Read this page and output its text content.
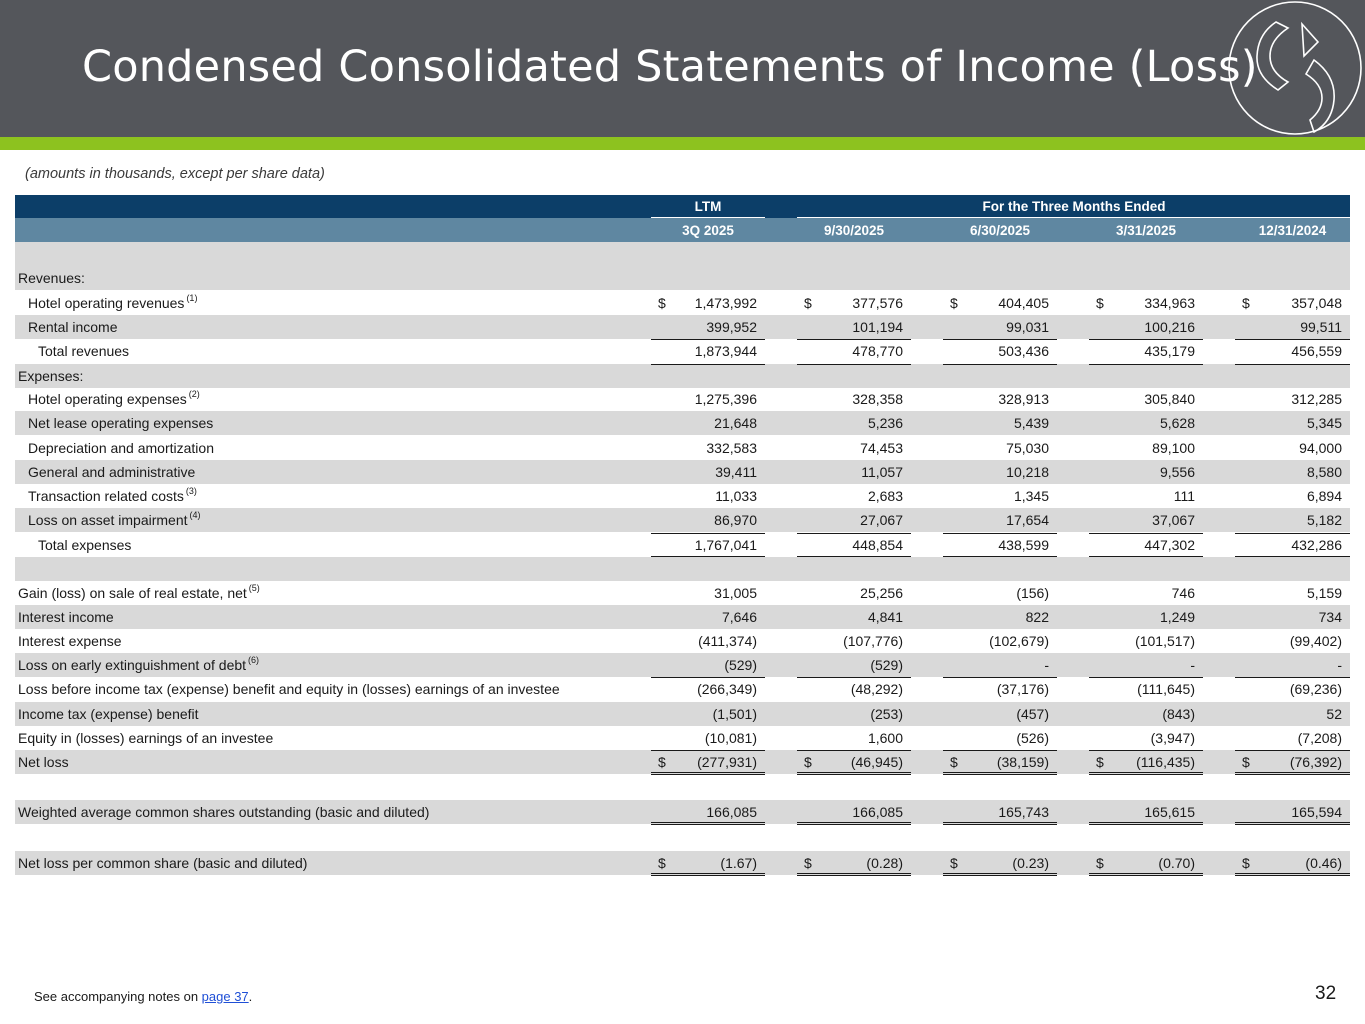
Condensed Consolidated Statements of Income (Loss)
(amounts in thousands, except per share data)
LTM	For the Three Months Ended
3Q 2025	9/30/2025	6/30/2025	3/31/2025	12/31/2024
Revenues:
Hotel operating revenues $^{(1)}$	$	1,473,992	$	377,576	$	404,405	$	334,963	$	357,048
Rental income	399,952	101,194	99,031	100,216	99,511
Total revenues	1,873,944	478,770	503,436	435,179	456,559
Expenses:
Hotel operating expenses $^{(2)}$	1,275,396	328,358	328,913	305,840	312,285
Net lease operating expenses	21,648	5,236	5,439	5,628	5,345
Depreciation and amortization	332,583	74,453	75,030	89,100	94,000
General and administrative	39,411	11,057	10,218	9,556	8,580
Transaction related costs $^{(3)}$	11,033	2,683	1,345	111	6,894
Loss on asset impairment $^{(4)}$	86,970	27,067	17,654	37,067	5,182
Total expenses	1,767,041	448,854	438,599	447,302	432,286
Gain (loss) on sale of real estate, net $^{(5)}$	31,005	25,256	(156)	746	5,159
Interest income	7,646	4,841	822	1,249	734
Interest expense	(411,374)	(107,776)	(102,679)	(101,517)	(99,402)
Loss on early extinguishment of debt $^{(6)}$	(529)	(529)	-	-	-
Loss before income tax (expense) benefit and equity in (losses) earnings of an investee	(266,349)	(48,292)	(37,176)	(111,645)	(69,236)
Income tax (expense) benefit	(1,501)	(253)	(457)	(843)	52
Equity in (losses) earnings of an investee	(10,081)	1,600	(526)	(3,947)	(7,208)
Net loss	$	(277,931)	$	(46,945)	$	(38,159)	$	(116,435)	$	(76,392)
Weighted average common shares outstanding (basic and diluted)	166,085	166,085	165,743	165,615	165,594
Net loss per common share (basic and diluted)	$	(1.67)	$	(0.28)	$	(0.23)	$	(0.70)	$	(0.46)
See accompanying notes on page 37.	32
